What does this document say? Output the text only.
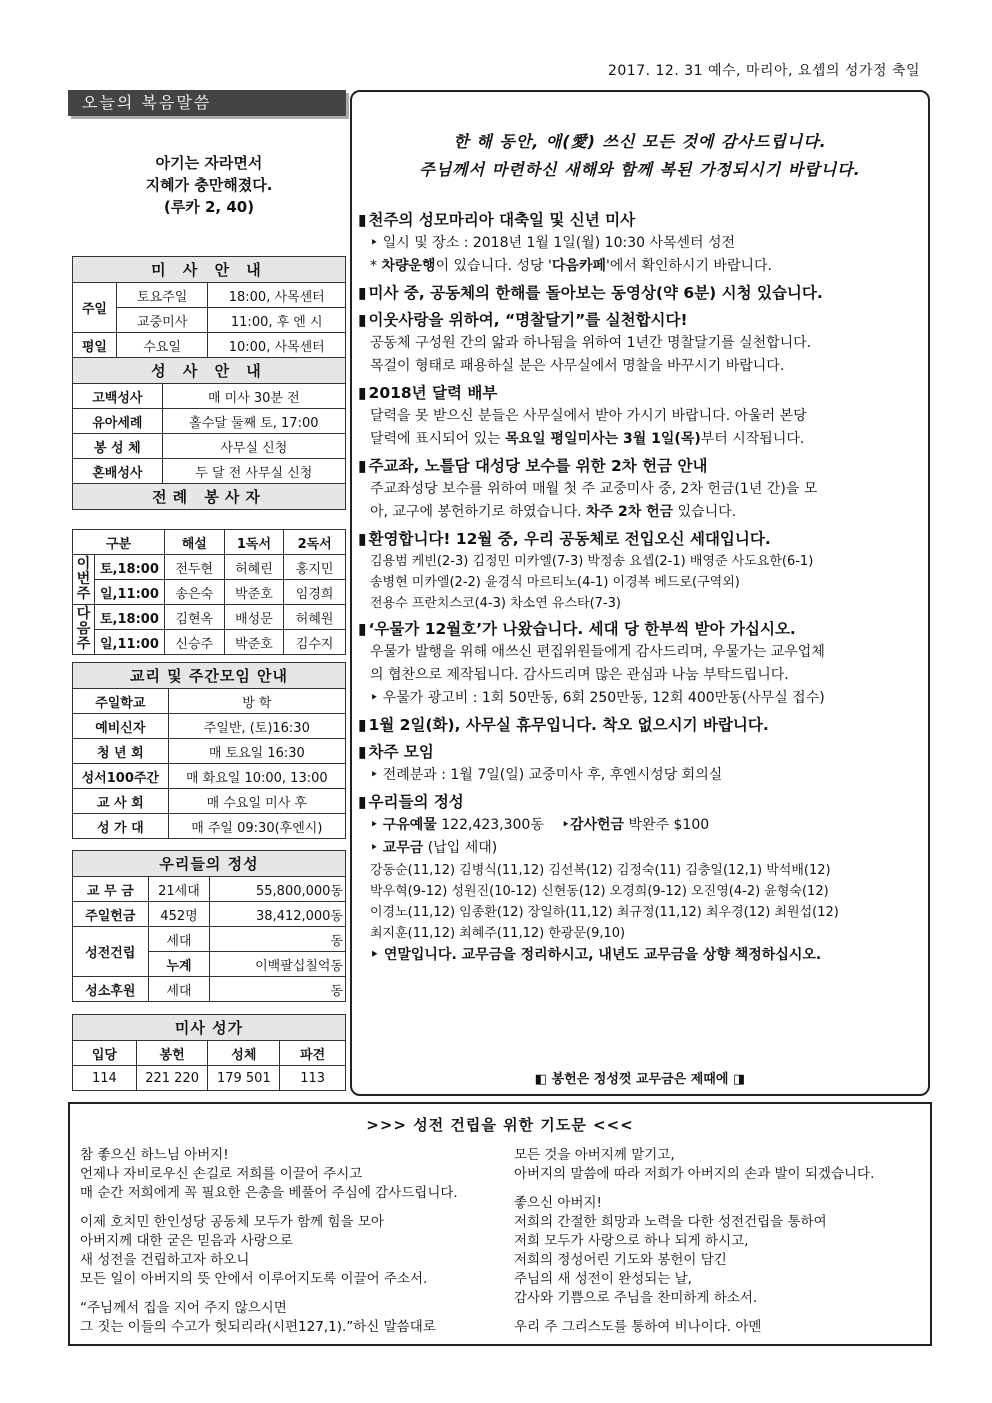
2017. 12. 31 예수, 마리아, 요셉의 성가정 축일
오늘의 복음말씀
아기는 자라면서
지혜가 충만해졌다.
(루카 2, 40)
미 사 안 내			
주일	토요주일		18:00, 사목센터
	교중미사		11:00, 후 엔 시
평일	수요일		10:00, 사목센터
성 사 안 내			
고백성사		매 미사 30분 전	
유아세례		홀수달 둘째 토, 17:00	
봉 성 체		사무실 신청	
혼배성사		두 달 전 사무실 신청	
전례 봉사자			
구분		해설	1독서	2독서

이
번
주	토,18:00	전두현	허혜린	홍지민
	일,11:00	송은숙	박준호	임경희

다
음
주	토,18:00	김현옥	배성문	허혜원
	일,11:00	신승주	박준호	김수지
교리 및 주간모임 안내	
주일학교	방 학
예비신자	주일반, (토)16:30
청 년 회	매 토요일 16:30
성서100주간	매 화요일 10:00, 13:00
교 사 회	매 수요일 미사 후
성 가 대	매 주일 09:30(후엔시)
우리들의 정성		
교 무 금	21세대	55,800,000동
주일헌금	452명	38,412,000동
성전건립	세대	동
	누계	이백팔십칠억동
성소후원	세대	동
미사 성가			
입당	봉헌	성체	파견
114	221 220	179 501	113
한 해 동안, 애(愛) 쓰신 모든 것에 감사드립니다.
주님께서 마련하신 새해와 함께 복된 가정되시기 바랍니다.
▮ 천주의 성모마리아 대축일 및 신년 미사
‣ 일시 및 장소 : 2018년 1월 1일(월) 10:30 사목센터 성전
* 차량운행이 있습니다. 성당 '다음카페'에서 확인하시기 바랍니다.
▮ 미사 중, 공동체의 한해를 돌아보는 동영상(약 6분) 시청 있습니다.
▮ 이웃사랑을 위하여, “명찰달기”를 실천합시다!
공동체 구성원 간의 앎과 하나됨을 위하여 1년간 명찰달기를 실천합니다.
목걸이 형태로 패용하실 분은 사무실에서 명찰을 바꾸시기 바랍니다.
▮ 2018년 달력 배부
달력을 못 받으신 분들은 사무실에서 받아 가시기 바랍니다. 아울러 본당
달력에 표시되어 있는 목요일 평일미사는 3월 1일(목)부터 시작됩니다.
▮ 주교좌, 노틀담 대성당 보수를 위한 2차 헌금 안내
주교좌성당 보수를 위하여 매월 첫 주 교중미사 중, 2차 헌금(1년 간)을 모
아, 교구에 봉헌하기로 하였습니다. 차주 2차 헌금 있습니다.
▮ 환영합니다! 12월 중, 우리 공동체로 전입오신 세대입니다.
김용범 케빈(2-3) 김정민 미카엘(7-3) 박정송 요셉(2-1) 배영준 사도요한(6-1)
송병현 미카엘(2-2) 윤경식 마르티노(4-1) 이경복 베드로(구역외)
전용수 프란치스코(4-3) 차소연 유스타(7-3)
▮ ‘우물가 12월호’가 나왔습니다. 세대 당 한부씩 받아 가십시오.
우물가 발행을 위해 애쓰신 편집위원들에게 감사드리며, 우물가는 교우업체
의 협찬으로 제작됩니다. 감사드리며 많은 관심과 나눔 부탁드립니다.
‣ 우물가 광고비 : 1회 50만동, 6회 250만동, 12회 400만동(사무실 접수)
▮ 1월 2일(화), 사무실 휴무입니다. 착오 없으시기 바랍니다.
▮ 차주 모임
‣ 전례분과 : 1월 7일(일) 교중미사 후, 후엔시성당 회의실
▮ 우리들의 정성
‣ 구유예물 122,423,300동    ‣감사헌금 박완주 $100
‣ 교무금 (납입 세대)
강동순(11,12) 김병식(11,12) 김선복(12) 김정숙(11) 김충일(12,1) 박석배(12)
박우혁(9-12) 성원진(10-12) 신현동(12) 오경희(9-12) 오진영(4-2) 윤형숙(12)
이경노(11,12) 임종환(12) 장일하(11,12) 최규정(11,12) 최우경(12) 최원섭(12)
최지훈(11,12) 최혜주(11,12) 한광문(9,10)
‣ 연말입니다. 교무금을 정리하시고, 내년도 교무금을 상향 책정하십시오.
◧ 봉헌은 정성껏 교무금은 제때에 ◨
>>> 성전 건립을 위한 기도문 <<<
참 좋으신 하느님 아버지!
언제나 자비로우신 손길로 저희를 이끌어 주시고
매 순간 저희에게 꼭 필요한 은총을 베풀어 주심에 감사드립니다.
이제 호치민 한인성당 공동체 모두가 함께 힘을 모아
아버지께 대한 굳은 믿음과 사랑으로
새 성전을 건립하고자 하오니
모든 일이 아버지의 뜻 안에서 이루어지도록 이끌어 주소서.
“주님께서 집을 지어 주지 않으시면
그 짓는 이들의 수고가 헛되리라(시편127,1).”하신 말씀대로
모든 것을 아버지께 맡기고,
아버지의 말씀에 따라 저희가 아버지의 손과 발이 되겠습니다.
좋으신 아버지!
저희의 간절한 희망과 노력을 다한 성전건립을 통하여
저희 모두가 사랑으로 하나 되게 하시고,
저희의 정성어린 기도와 봉헌이 담긴
주님의 새 성전이 완성되는 날,
감사와 기쁨으로 주님을 찬미하게 하소서.
우리 주 그리스도를 통하여 비나이다. 아멘
